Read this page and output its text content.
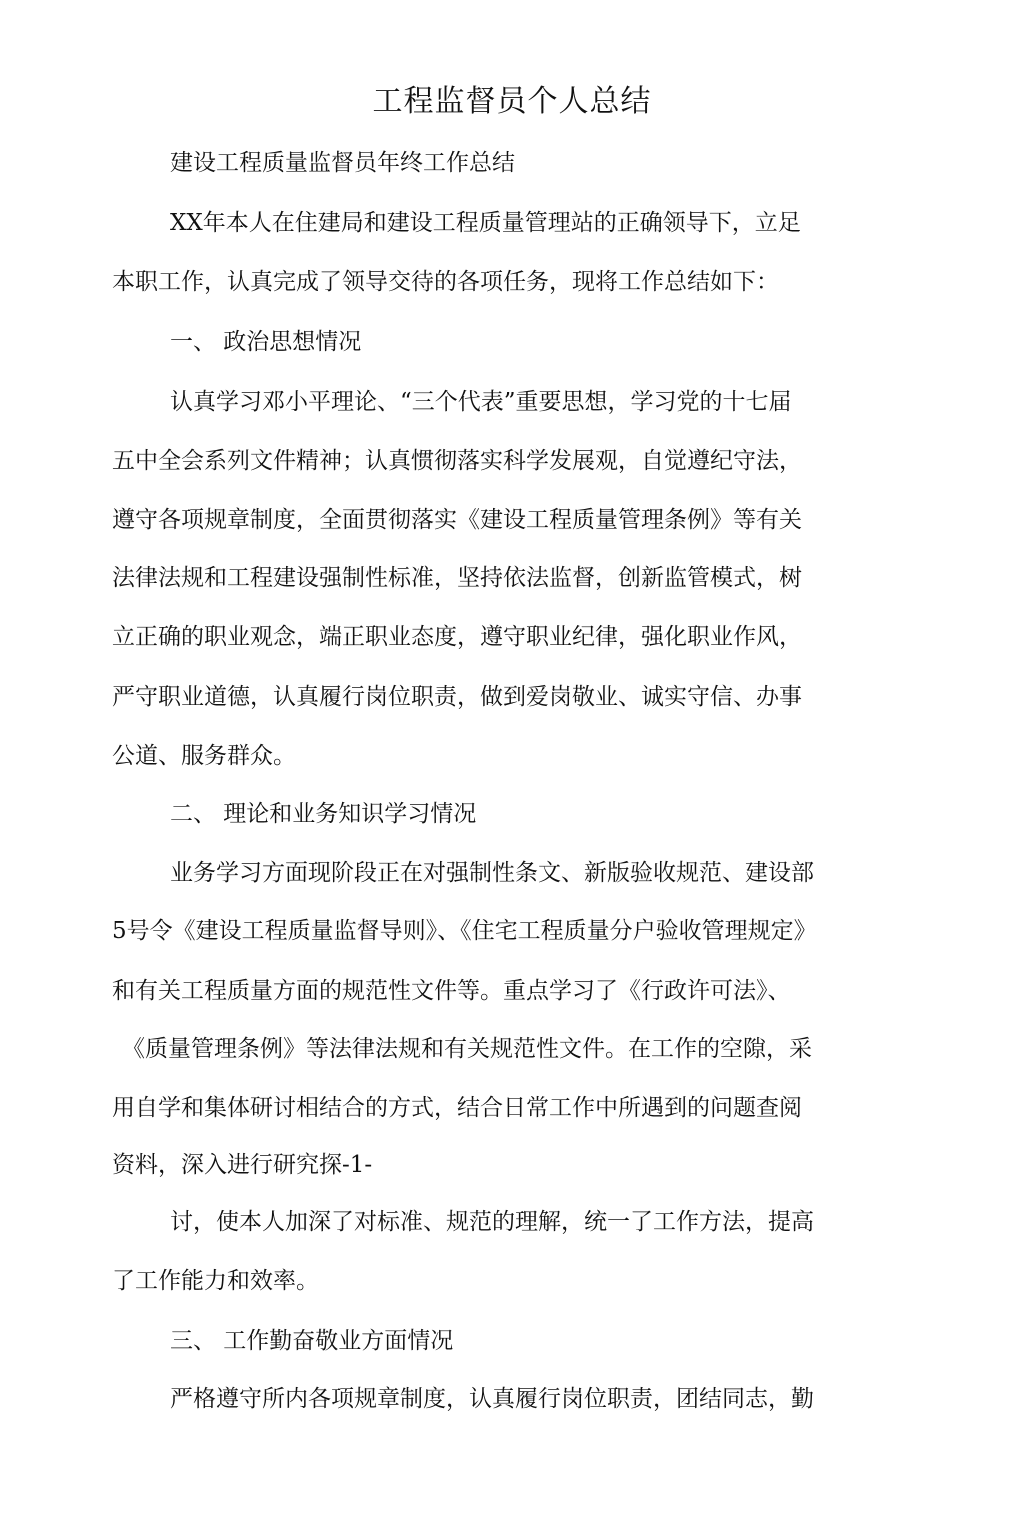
工程监督员个人总结
建设工程质量监督员年终工作总结
XX年本人在住建局和建设工程质量管理站的正确领导下，立足
本职工作，认真完成了领导交待的各项任务，现将工作总结如下：
一、 政治思想情况
认真学习邓小平理论、“三个代表”重要思想，学习党的十七届
五中全会系列文件精神；认真惯彻落实科学发展观，自觉遵纪守法，
遵守各项规章制度，全面贯彻落实《建设工程质量管理条例》等有关
法律法规和工程建设强制性标准，坚持依法监督，创新监管模式，树
立正确的职业观念，端正职业态度，遵守职业纪律，强化职业作风，
严守职业道德，认真履行岗位职责，做到爱岗敬业、诚实守信、办事
公道、服务群众。
二、 理论和业务知识学习情况
业务学习方面现阶段正在对强制性条文、新版验收规范、建设部
5号令《建设工程质量监督导则》、《住宅工程质量分户验收管理规定》
和有关工程质量方面的规范性文件等。重点学习了《行政许可法》、
《质量管理条例》等法律法规和有关规范性文件。在工作的空隙，采
用自学和集体研讨相结合的方式，结合日常工作中所遇到的问题查阅
资料，深入进行研究探-1-
讨，使本人加深了对标准、规范的理解，统一了工作方法，提高
了工作能力和效率。
三、 工作勤奋敬业方面情况
严格遵守所内各项规章制度，认真履行岗位职责，团结同志，勤
